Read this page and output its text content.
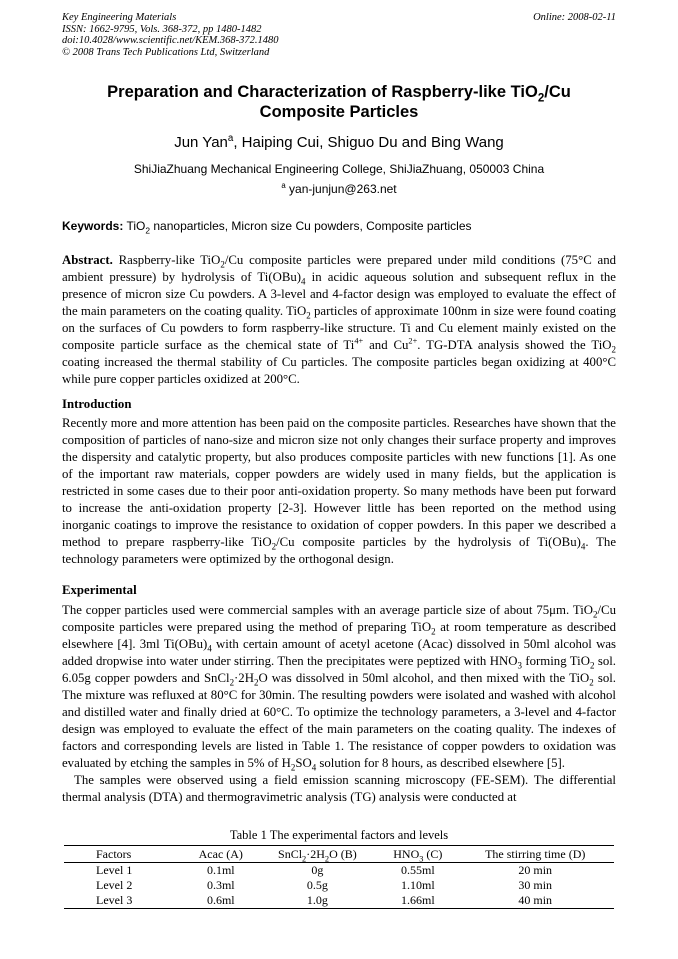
Key Engineering Materials
ISSN: 1662-9795, Vols. 368-372, pp 1480-1482
doi:10.4028/www.scientific.net/KEM.368-372.1480
© 2008 Trans Tech Publications Ltd, Switzerland
Online: 2008-02-11
Preparation and Characterization of Raspberry-like TiO$_2$/Cu
Composite Particles
Jun Yan$^a$, Haiping Cui, Shiguo Du and Bing Wang
ShiJiaZhuang Mechanical Engineering College, ShiJiaZhuang, 050003 China
$^a$ yan-junjun@263.net
Keywords: TiO$_2$ nanoparticles, Micron size Cu powders, Composite particles
Abstract. Raspberry-like TiO$_2$/Cu composite particles were prepared under mild conditions (75°C and ambient pressure) by hydrolysis of $Ti(OBu)_4$ in acidic aqueous solution and subsequent reflux in the presence of micron size Cu powders. A 3-level and 4-factor design was employed to evaluate the effect of the main parameters on the coating quality. TiO$_2$ particles of approximate 100nm in size were found coating on the surfaces of Cu powders to form raspberry-like structure. Ti and Cu element mainly existed on the composite particle surface as the chemical state of $Ti^{4+}$ and $Cu^{2+}$. TG-DTA analysis showed the TiO$_2$ coating increased the thermal stability of Cu particles. The composite particles began oxidizing at 400°C while pure copper particles oxidized at 200°C.
Introduction
Recently more and more attention has been paid on the composite particles. Researches have shown that the composition of particles of nano-size and micron size not only changes their surface property and improves the dispersity and catalytic property, but also produces composite particles with new functions [1]. As one of the important raw materials, copper powders are widely used in many fields, but the application is restricted in some cases due to their poor anti-oxidation property. So many methods have been put forward to increase the anti-oxidation property [2-3]. However little has been reported on the method using inorganic coatings to improve the resistance to oxidation of copper powders. In this paper we described a method to prepare raspberry-like TiO$_2$/Cu composite particles by the hydrolysis of $Ti(OBu)_4$. The technology parameters were optimized by the orthogonal design.
Experimental
The copper particles used were commercial samples with an average particle size of about 75μm. TiO$_2$/Cu composite particles were prepared using the method of preparing TiO$_2$ at room temperature as described elsewhere [4]. 3ml $Ti(OBu)_4$ with certain amount of acetyl acetone (Acac) dissolved in 50ml alcohol was added dropwise into water under stirring. Then the precipitates were peptized with $HNO_3$ forming TiO$_2$ sol. 6.05g copper powders and $SnCl_2\cdot 2H_2O$ was dissolved in 50ml alcohol, and then mixed with the TiO$_2$ sol. The mixture was refluxed at 80°C for 30min. The resulting powders were isolated and washed with alcohol and distilled water and finally dried at 60°C. To optimize the technology parameters, a 3-level and 4-factor design was employed to evaluate the effect of the main parameters on the coating quality. The indexes of factors and corresponding levels are listed in Table 1. The resistance of copper powders to oxidation was evaluated by etching the samples in 5% of $H_2SO_4$ solution for 8 hours, as described elsewhere [5].
The samples were observed using a field emission scanning microscopy (FE-SEM). The differential thermal analysis (DTA) and thermogravimetric analysis (TG) analysis were conducted at
Table 1 The experimental factors and levels
Factors	Acac (A)	$SnCl_2\cdot 2H_2O$ (B)	$HNO_3$ (C)	The stirring time (D)
Level 1	0.1ml	0g	0.55ml	20 min
Level 2	0.3ml	0.5g	1.10ml	30 min
Level 3	0.6ml	1.0g	1.66ml	40 min
